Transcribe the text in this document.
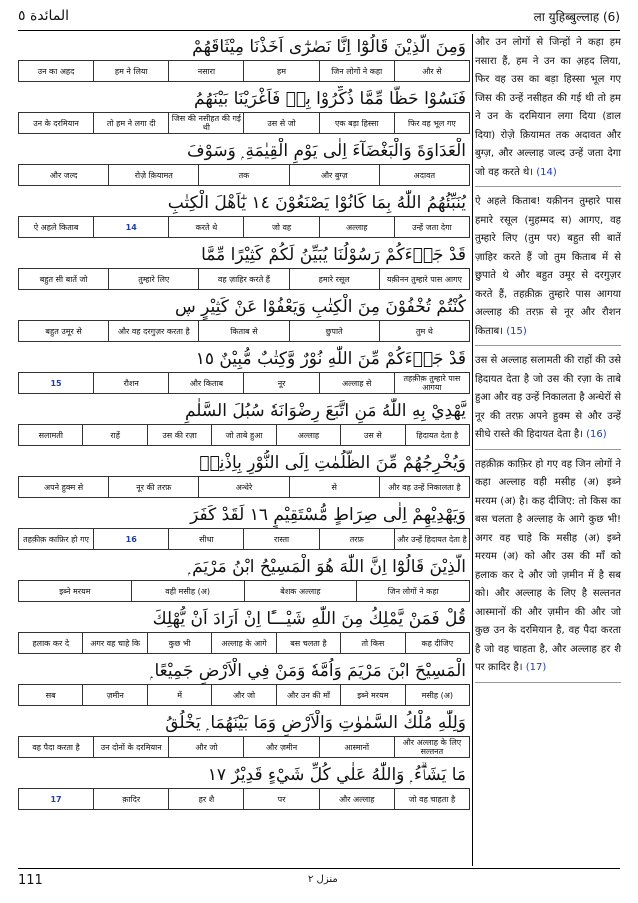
المائدة ٥	ला युहिब्बुल्लाह (6)
وَمِنَ الَّذِيْنَ قَالُوْٓا اِنَّا نَصٰرٰٓى اَخَذْنَا مِيْثَاقَهُمْ
और से
जिन लोगों ने कहा
हम
नसारा
हम ने लिया
उन का अहद
فَنَسُوْا حَظًّا مِّمَّا ذُكِّرُوْا بِهٖ فَاَغْرَيْنَا بَيْنَهُمُ
फिर वह भूल गए
एक बड़ा हिस्सा
उस से जो
जिस की नसीहत की गई थी
तो हम ने लगा दी
उन के दरमियान
الْعَدَاوَةَ وَالْبَغْضَآءَ اِلٰى يَوْمِ الْقِيٰمَةِ ۭ وَسَوْفَ
अदावत
और बुग्ज़
तक
रोज़े क़ियामत
और जल्द
يُنَبِّئُهُمُ اللّٰهُ بِمَا كَانُوْا يَصْنَعُوْنَ ١٤ يٰٓاَهْلَ الْكِتٰبِ
उन्हें जता देगा
अल्लाह
जो वह
करते थे
14
ऐ अहले किताब
قَدْ جَاۗءَكُمْ رَسُوْلُنَا يُبَيِّنُ لَكُمْ كَثِيْرًا مِّمَّا
यक़ीनन तुम्हारे पास आगए
हमारे रसूल
वह ज़ाहिर करते हैं
तुम्हारे लिए
बहुत सी बातें जो
كُنْتُمْ تُخْفُوْنَ مِنَ الْكِتٰبِ وَيَعْفُوْا عَنْ كَثِيْرٍ ڛ
तुम थे
छुपाते
किताब से
और वह दरगुज़र करता है
बहुत उमूर से
قَدْ جَاۗءَكُمْ مِّنَ اللّٰهِ نُوْرٌ وَّكِتٰبٌ مُّبِيْنٌ ١٥
तहक़ीक़ तुम्हारे पास आगया
अल्लाह से
नूर
और किताब
रौशन
15
يَّهْدِيْ بِهِ اللّٰهُ مَنِ اتَّبَعَ رِضْوَانَهٗ سُبُلَ السَّلٰمِ
हिदायत देता है
उस से
अल्लाह
जो ताबे हुआ
उस की रज़ा
राहें
सलामती
وَيُخْرِجُهُمْ مِّنَ الظُّلُمٰتِ اِلَى النُّوْرِ بِاِذْنِهٖ
और वह उन्हें निकालता है
से
अन्धेरे
नूर की तरफ़
अपने हुक्म से
وَيَهْدِيْهِمْ اِلٰى صِرَاطٍ مُّسْتَقِيْمٍ ١٦ لَقَدْ كَفَرَ
और उन्हें हिदायत देता है
तरफ़
रास्ता
सीधा
16
तहक़ीक़ काफ़िर हो गए
الَّذِيْنَ قَالُوْٓا اِنَّ اللّٰهَ هُوَ الْمَسِيْحُ ابْنُ مَرْيَمَ ۭ
जिन लोगों ने कहा
बेशक अल्लाह
वही मसीह (अ)
इब्ने मरयम
قُلْ فَمَنْ يَّمْلِكُ مِنَ اللّٰهِ شَيْـــًٔا اِنْ اَرَادَ اَنْ يُّهْلِكَ
कह दीजिए
तो किस
बस चलता है
अल्लाह के आगे
कुछ भी
अगर वह चाहे कि
हलाक कर दे
الْمَسِيْحَ ابْنَ مَرْيَمَ وَاُمَّهٗ وَمَنْ فِي الْاَرْضِ جَمِيْعًا ۭ
मसीह (अ)
इब्ने मरयम
और उन की माँ
और जो
में
ज़मीन
सब
وَلِلّٰهِ مُلْكُ السَّمٰوٰتِ وَالْاَرْضِ وَمَا بَيْنَهُمَا ۭ يَخْلُقُ
और अल्लाह के लिए सल्तनत
आस्मानों
और ज़मीन
और जो
उन दोनों के दरमियान
वह पैदा करता है
مَا يَشَاۗءُ ۭ وَاللّٰهُ عَلٰي كُلِّ شَيْءٍ قَدِيْرٌ ١٧
जो वह चाहता है
और अल्लाह
पर
हर शै
क़ादिर
17

और उन लोगों से जिन्हों ने कहा हम नसारा हैं, हम ने उन का अ़हद लिया, फिर वह उस का बड़ा हिस्सा भूल गए जिस की उन्हें नसीहत की गई थी तो हम ने उन के दरमियान लगा दिया (डाल दिया) रोज़े क़ियामत तक अदावत और बुग्ज़, और अल्लाह जल्द उन्हें जता देगा जो वह करते थे। (14)

ऐ अहले किताब! यक़ीनन तुम्हारे पास हमारे रसूल (मुहम्मद स) आगए, वह तुम्हारे लिए (तुम पर) बहुत सी बातें ज़ाहिर करते हैं जो तुम किताब में से छुपाते थे और बहुत उमूर से दरगुज़र करते हैं, तहक़ीक़ तुम्हारे पास आगया अल्लाह की तरफ़ से नूर और रौशन किताब। (15)

उस से अल्लाह सलामती की राहों की उसे हिदायत देता है जो उस की रज़ा के ताबे हुआ और वह उन्हें निकालता है अन्धेरों से नूर की तरफ़ अपने हुक्म से और उन्हें सीधे रास्ते की हिदायत देता है। (16)

तहक़ीक़ काफ़िर हो गए वह जिन लोगों ने कहा अल्लाह वही मसीह (अ) इब्ने मरयम (अ) है। कह दीजिए: तो किस का बस चलता है अल्लाह के आगे कुछ भी! अगर वह चाहे कि मसीह (अ) इब्ने मरयम (अ) को और उस की माँ को हलाक कर दे और जो ज़मीन में है सब को। और अल्लाह के लिए है सल्तनत आस्मानों की और ज़मीन की और जो कुछ उन के दरमियान है, वह पैदा करता है जो वह चाहता है, और अल्लाह हर शै पर क़ादिर है। (17)

111	منزل ٢
